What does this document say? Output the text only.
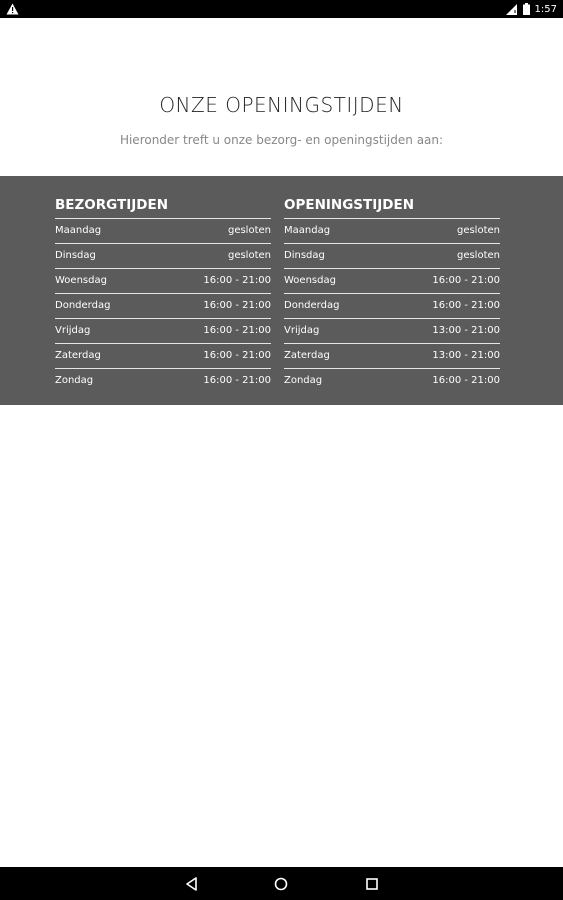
1:57
ONZE OPENINGSTIJDEN
Hieronder treft u onze bezorg- en openingstijden aan:
BEZORGTIJDEN
Maandag	gesloten
Dinsdag	gesloten
Woensdag	16:00 - 21:00
Donderdag	16:00 - 21:00
Vrijdag	16:00 - 21:00
Zaterdag	16:00 - 21:00
Zondag	16:00 - 21:00
OPENINGSTIJDEN
Maandag	gesloten
Dinsdag	gesloten
Woensdag	16:00 - 21:00
Donderdag	16:00 - 21:00
Vrijdag	13:00 - 21:00
Zaterdag	13:00 - 21:00
Zondag	16:00 - 21:00
